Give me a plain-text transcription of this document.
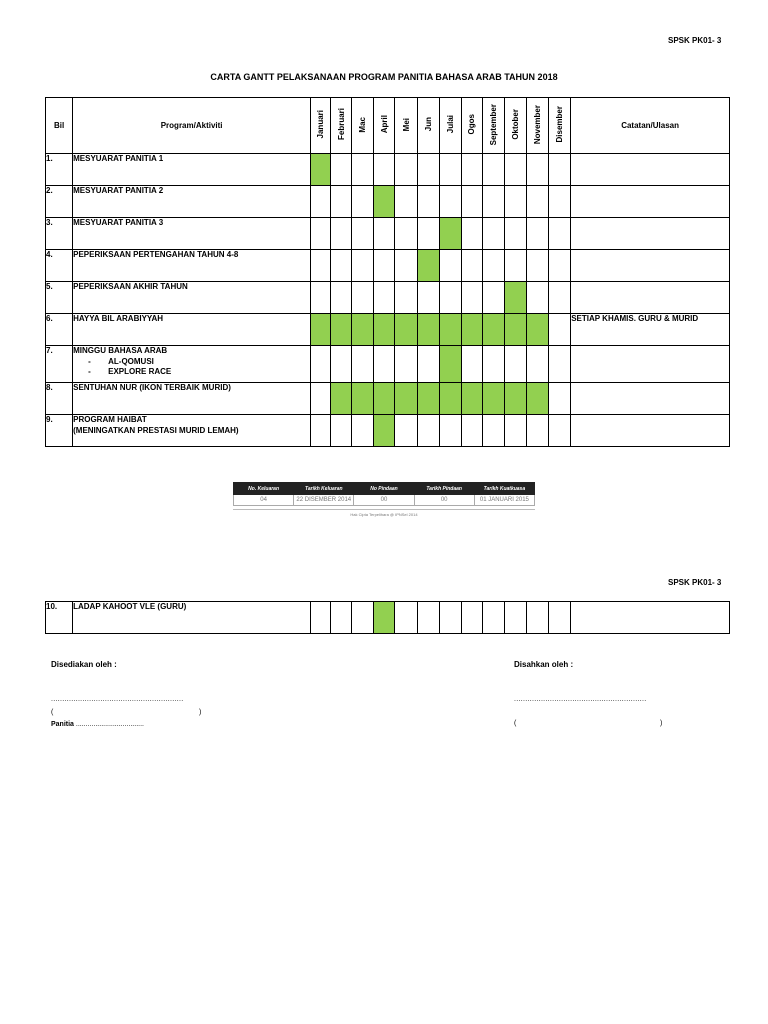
SPSK PK01- 3
CARTA GANTT PELAKSANAAN PROGRAM PANITIA BAHASA ARAB TAHUN 2018
Bil	Program/Aktiviti	Januari	Februari	Mac	April	Mei	Jun	Julai	Ogos	September	Oktober	November	Disember	Catatan/Ulasan
1.	MESYUARAT PANITIA 1													

2.	MESYUARAT PANITIA 2													

3.	MESYUARAT PANITIA 3													

4.	PEPERIKSAAN PERTENGAHAN TAHUN 4-8													

5.	PEPERIKSAAN AKHIR TAHUN													

6.	HAYYA BIL ARABIYYAH													SETIAP KHAMIS. GURU & MURID
7.	MINGGU BAHASA ARAB
- AL-QOMUSI
- EXPLORE RACE													

8.	SENTUHAN NUR (IKON TERBAIK MURID)													

9.	PROGRAM HAIBAT
(MENINGATKAN PRESTASI MURID LEMAH)													

No. Keluaran	Tarikh Keluaran	No Pindaan	Tarikh Pindaan	Tarikh Kuatkuasa
04	22 DISEMBER 2014	00	00	01 JANUARI 2015
Hak Cipta Terpelihara @ IPNSel 2014
SPSK PK01- 3
10.	LADAP KAHOOT VLE (GURU)

Disediakan oleh :	Disahkan oleh :
...........................................................	...........................................................
(	)
(	)
Panitia ...................................
